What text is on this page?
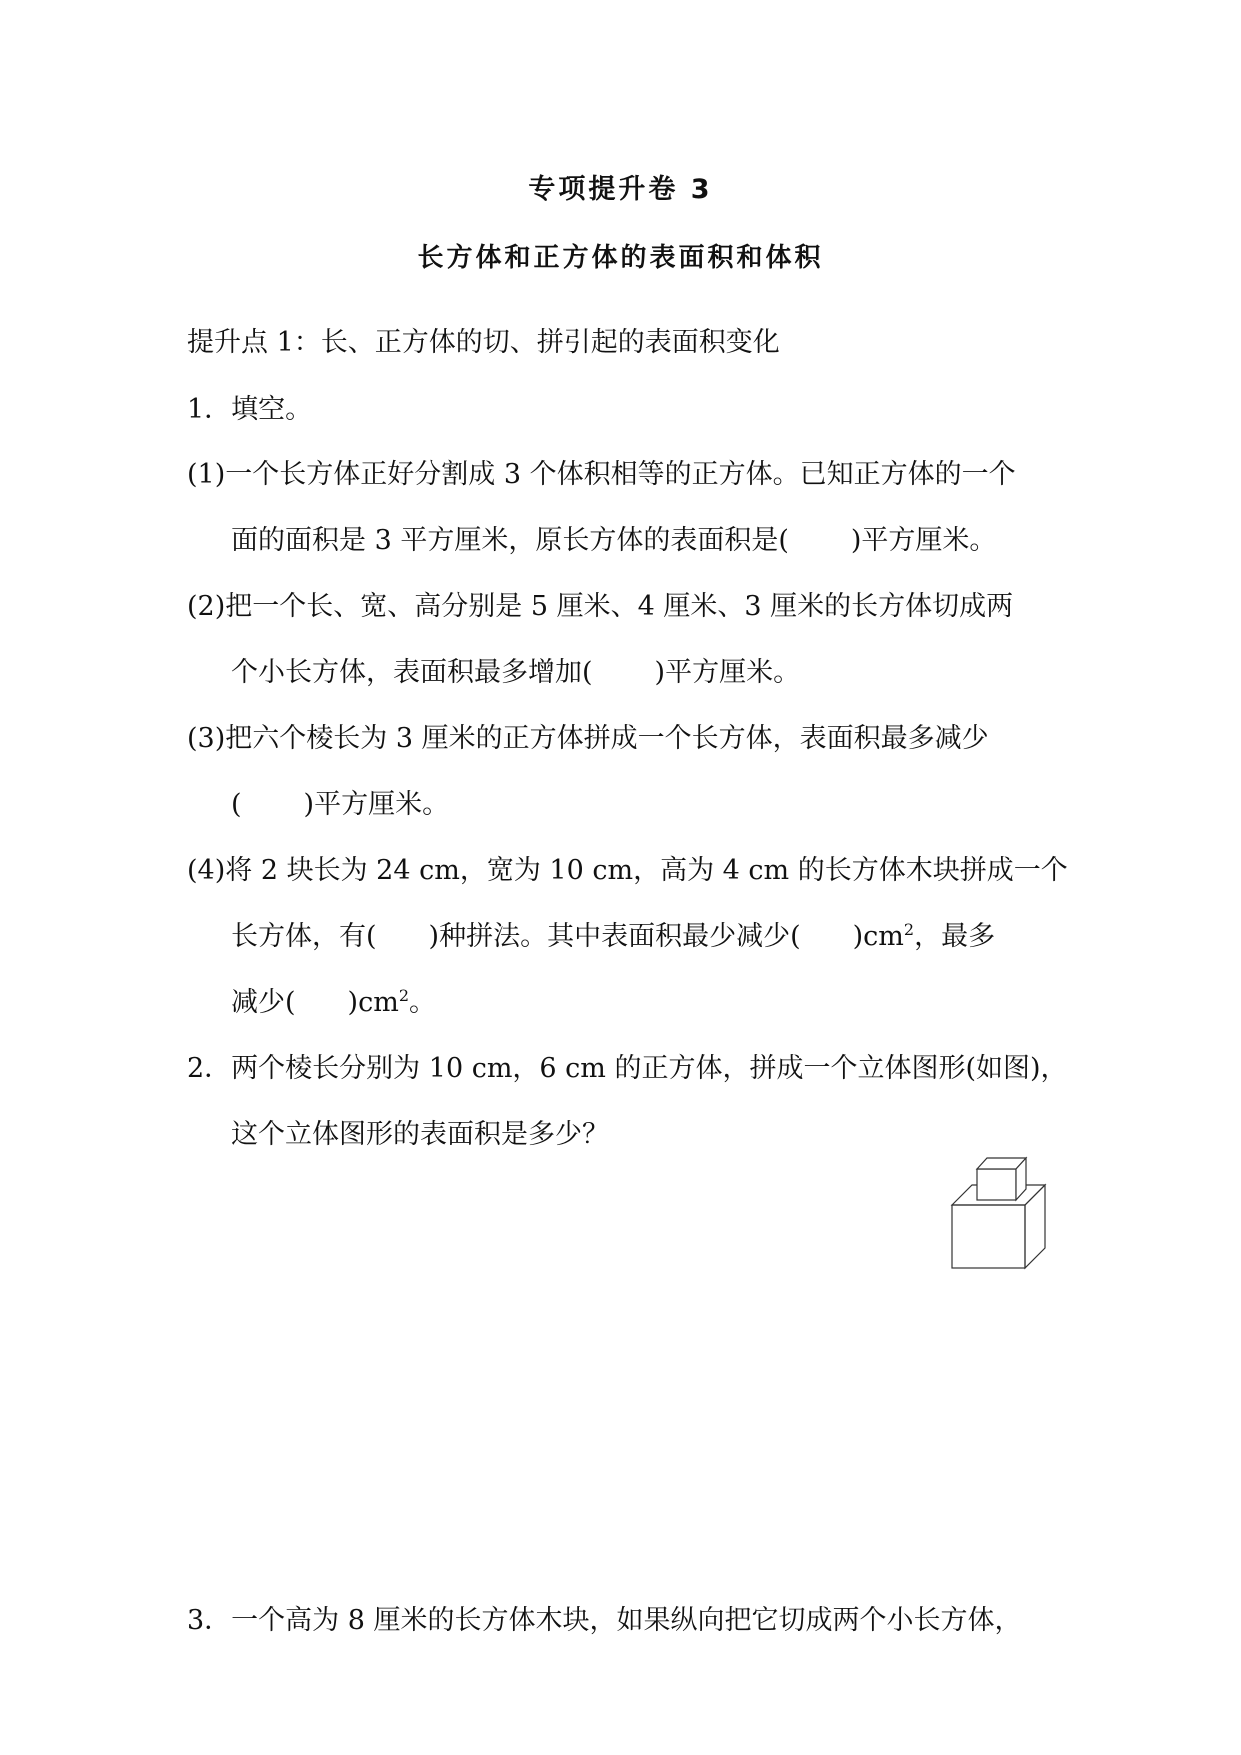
专项提升卷 3
长方体和正方体的表面积和体积
提升点 1：长、正方体的切、拼引起的表面积变化
1．填空。
(1)一个长方体正好分割成 3 个体积相等的正方体。已知正方体的一个
面的面积是 3 平方厘米，原长方体的表面积是( )平方厘米。
(2)把一个长、宽、高分别是 5 厘米、4 厘米、3 厘米的长方体切成两
个小长方体，表面积最多增加( )平方厘米。
(3)把六个棱长为 3 厘米的正方体拼成一个长方体，表面积最多减少
( )平方厘米。
(4)将 2 块长为 24 cm，宽为 10 cm，高为 4 cm 的长方体木块拼成一个
长方体，有( )种拼法。其中表面积最少减少( )$cm^2$，最多
减少( )$cm^2$。
2．两个棱长分别为 10 cm，6 cm 的正方体，拼成一个立体图形(如图)，
这个立体图形的表面积是多少？
3．一个高为 8 厘米的长方体木块，如果纵向把它切成两个小长方体，
